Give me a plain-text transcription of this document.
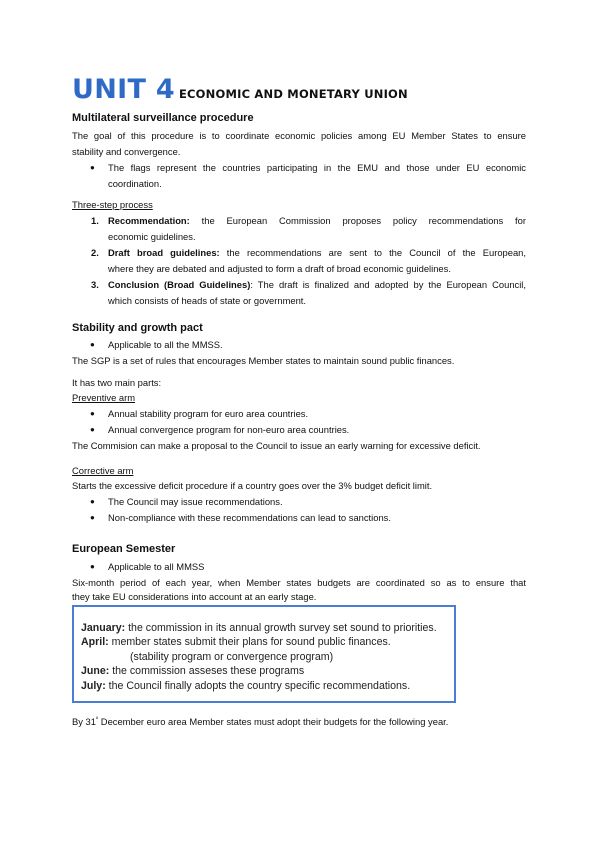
UNIT 4 ECONOMIC AND MONETARY UNION
Multilateral surveillance procedure
The goal of this procedure is to coordinate economic policies among EU Member States to ensure
stability and convergence.
● The flags represent the countries participating in the EMU and those under EU economic
coordination.
Three-step process
1. Recommendation: the European Commission proposes policy recommendations for
economic guidelines.
2. Draft broad guidelines: the recommendations are sent to the Council of the European,
where they are debated and adjusted to form a draft of broad economic guidelines.
3. Conclusion (Broad Guidelines): The draft is finalized and adopted by the European Council,
which consists of heads of state or government.
Stability and growth pact
● Applicable to all the MMSS.
The SGP is a set of rules that encourages Member states to maintain sound public finances.
It has two main parts:
Preventive arm
● Annual stability program for euro area countries.
● Annual convergence program for non-euro area countries.
The Commision can make a proposal to the Council to issue an early warning for excessive deficit.
Corrective arm
Starts the excessive deficit procedure if a country goes over the 3% budget deficit limit.
● The Council may issue recommendations.
● Non-compliance with these recommendations can lead to sanctions.
European Semester
● Applicable to all MMSS
Six-month period of each year, when Member states budgets are coordinated so as to ensure that
they take EU considerations into account at an early stage.
January: the commission in its annual growth survey set sound to priorities.
April: member states submit their plans for sound public finances.
(stability program or convergence program)
June: the commission asseses these programs
July: the Council finally adopts the country specific recommendations.
By $31^º$ December euro area Member states must adopt their budgets for the following year.
